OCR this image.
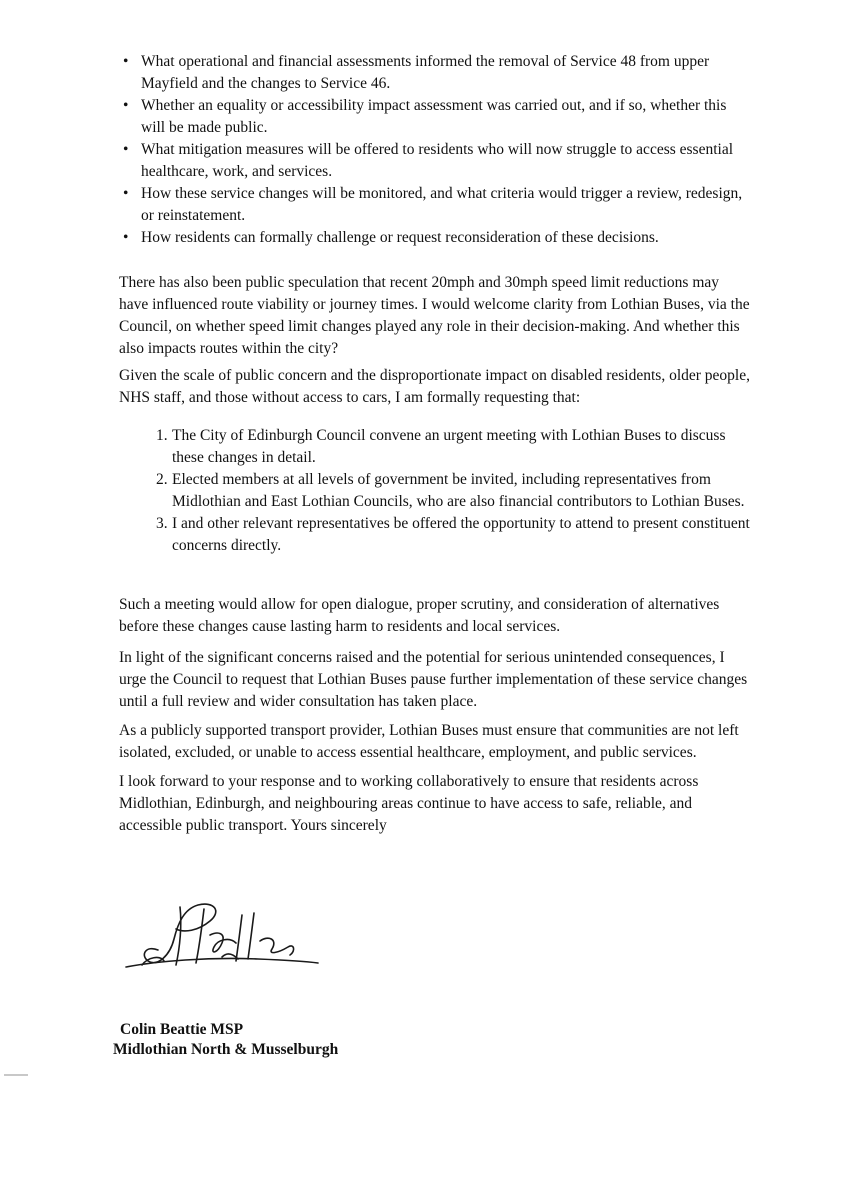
• What operational and financial assessments informed the removal of Service 48 from upper Mayfield and the changes to Service 46.
• Whether an equality or accessibility impact assessment was carried out, and if so, whether this will be made public.
• What mitigation measures will be offered to residents who will now struggle to access essential healthcare, work, and services.
• How these service changes will be monitored, and what criteria would trigger a review, redesign, or reinstatement.
• How residents can formally challenge or request reconsideration of these decisions.

There has also been public speculation that recent 20mph and 30mph speed limit reductions may have influenced route viability or journey times. I would welcome clarity from Lothian Buses, via the Council, on whether speed limit changes played any role in their decision-making. And whether this also impacts routes within the city?

Given the scale of public concern and the disproportionate impact on disabled residents, older people, NHS staff, and those without access to cars, I am formally requesting that:

1. The City of Edinburgh Council convene an urgent meeting with Lothian Buses to discuss these changes in detail.
2. Elected members at all levels of government be invited, including representatives from Midlothian and East Lothian Councils, who are also financial contributors to Lothian Buses.
3. I and other relevant representatives be offered the opportunity to attend to present constituent concerns directly.

Such a meeting would allow for open dialogue, proper scrutiny, and consideration of alternatives before these changes cause lasting harm to residents and local services.

In light of the significant concerns raised and the potential for serious unintended consequences, I urge the Council to request that Lothian Buses pause further implementation of these service changes until a full review and wider consultation has taken place.

As a publicly supported transport provider, Lothian Buses must ensure that communities are not left isolated, excluded, or unable to access essential healthcare, employment, and public services.

I look forward to your response and to working collaboratively to ensure that residents across Midlothian, Edinburgh, and neighbouring areas continue to have access to safe, reliable, and accessible public transport. Yours sincerely

Colin Beattie MSP
Midlothian North & Musselburgh
